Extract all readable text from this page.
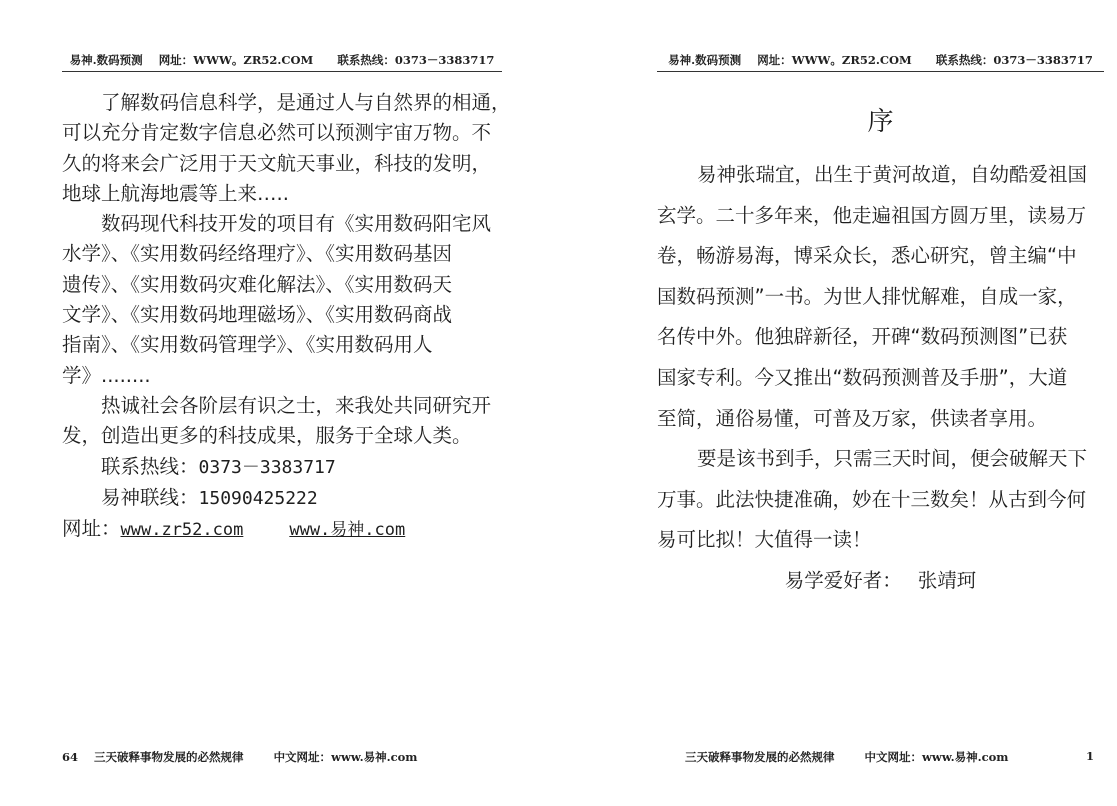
易神.数码预测 网址：WWW。ZR52.COM 联系热线：0373－3383717
了解数码信息科学，是通过人与自然界的相通，
可以充分肯定数字信息必然可以预测宇宙万物。不
久的将来会广泛用于天文航天事业，科技的发明，
地球上航海地震等上来…..
数码现代科技开发的项目有《实用数码阳宅风
水学》、《实用数码经络理疗》、《实用数码基因
遗传》、《实用数码灾难化解法》、《实用数码天
文学》、《实用数码地理磁场》、《实用数码商战
指南》、《实用数码管理学》、《实用数码用人
学》........
热诚社会各阶层有识之士，来我处共同研究开
发，创造出更多的科技成果，服务于全球人类。
联系热线：0373－3383717
易神联线：15090425222
网址：www.zr52.com	www.易神.com
64 三天破释事物发展的必然规律	中文网址：www.易神.com
易神.数码预测 网址：WWW。ZR52.COM 联系热线：0373－3383717
序
易神张瑞宜，出生于黄河故道，自幼酷爱祖国
玄学。二十多年来，他走遍祖国方圆万里，读易万
卷，畅游易海，博采众长，悉心研究，曾主编“中
国数码预测”一书。为世人排忧解难，自成一家，
名传中外。他独辟新径，开碑“数码预测图”已获
国家专利。今又推出“数码预测普及手册”，大道
至简，通俗易懂，可普及万家，供读者享用。
要是该书到手，只需三天时间，便会破解天下
万事。此法快捷准确，妙在十三数矣！从古到今何
易可比拟！大值得一读！
易学爱好者： 张靖珂
三天破释事物发展的必然规律	中文网址：www.易神.com	1
